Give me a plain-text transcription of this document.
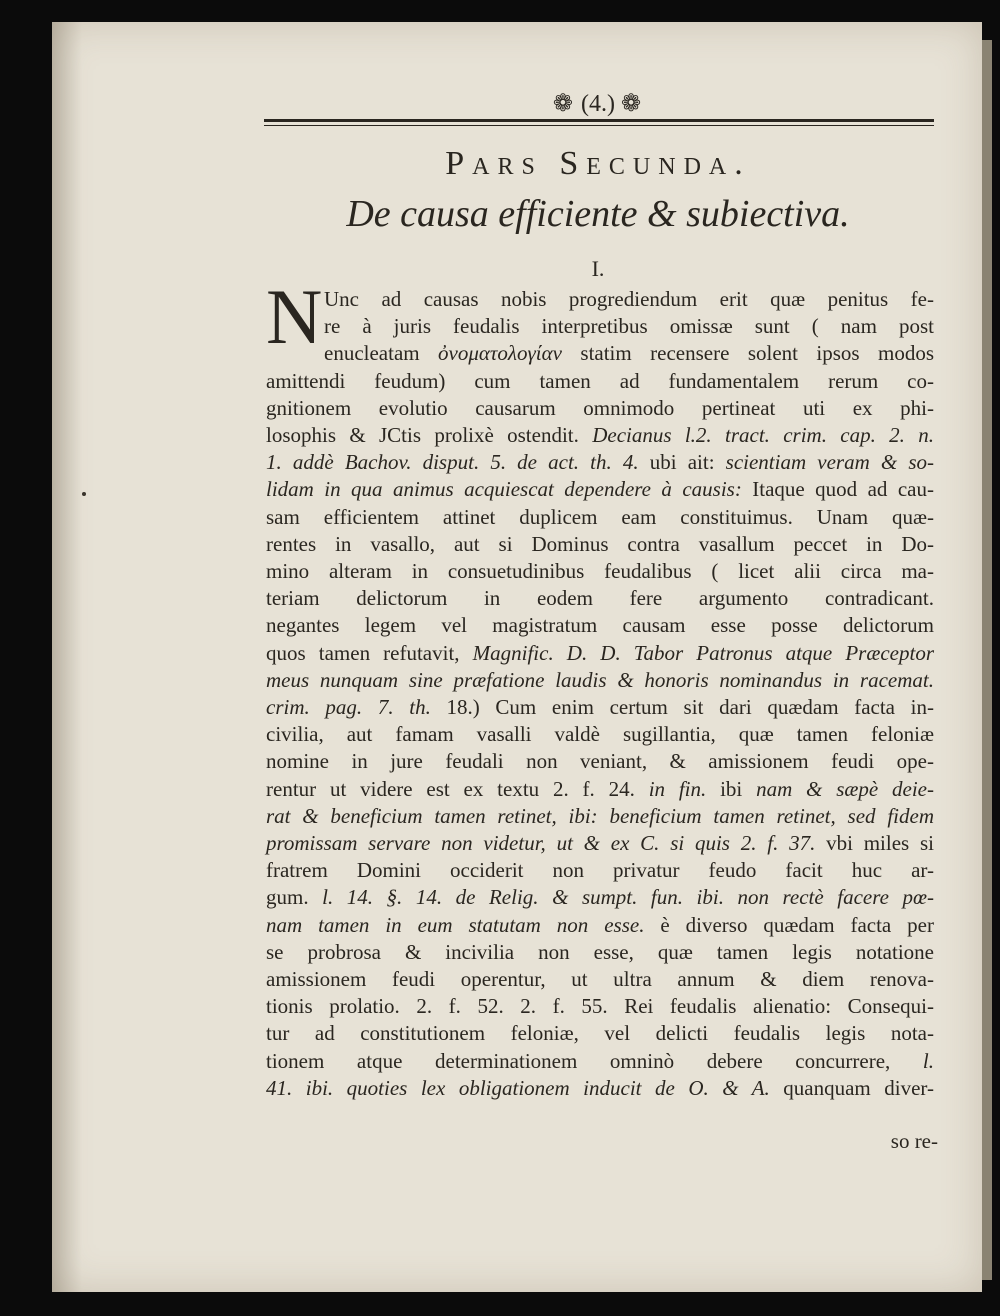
❁ (4.) ❁
Pars Secunda.
De causa efficiente & subiectiva.
I.
N Unc ad causas nobis progrediendum erit quæ penitus fe-
re à juris feudalis interpretibus omissæ sunt ( nam post
enucleatam ὀνοματολογίαν statim recensere solent ipsos modos
amittendi feudum) cum tamen ad fundamentalem rerum co-
gnitionem evolutio causarum omnimodo pertineat uti ex phi-
losophis & JCtis prolixè ostendit. Decianus l.2. tract. crim. cap. 2. n.
1. addè Bachov. disput. 5. de act. th. 4. ubi ait: scientiam veram & so-
lidam in qua animus acquiescat dependere à causis: Itaque quod ad cau-
sam efficientem attinet duplicem eam constituimus. Unam quæ-
rentes in vasallo, aut si Dominus contra vasallum peccet in Do-
mino alteram in consuetudinibus feudalibus ( licet alii circa ma-
teriam delictorum in eodem fere argumento contradicant.
negantes legem vel magistratum causam esse posse delictorum
quos tamen refutavit, Magnific. D. D. Tabor Patronus atque Præceptor
meus nunquam sine præfatione laudis & honoris nominandus in racemat.
crim. pag. 7. th. 18.) Cum enim certum sit dari quædam facta in-
civilia, aut famam vasalli valdè sugillantia, quæ tamen feloniæ
nomine in jure feudali non veniant, & amissionem feudi ope-
rentur ut videre est ex textu 2. f. 24. in fin. ibi nam & sæpè deie-
rat & beneficium tamen retinet, ibi: beneficium tamen retinet, sed fidem
promissam servare non videtur, ut & ex C. si quis 2. f. 37. vbi miles si
fratrem Domini occiderit non privatur feudo facit huc ar-
gum. l. 14. §. 14. de Relig. & sumpt. fun. ibi. non rectè facere pœ-
nam tamen in eum statutam non esse. è diverso quædam facta per
se probrosa & incivilia non esse, quæ tamen legis notatione
amissionem feudi operentur, ut ultra annum & diem renova-
tionis prolatio. 2. f. 52. 2. f. 55. Rei feudalis alienatio: Consequi-
tur ad constitutionem feloniæ, vel delicti feudalis legis nota-
tionem atque determinationem omninò debere concurrere, l.
41. ibi. quoties lex obligationem inducit de O. & A. quanquam diver-
so re-
